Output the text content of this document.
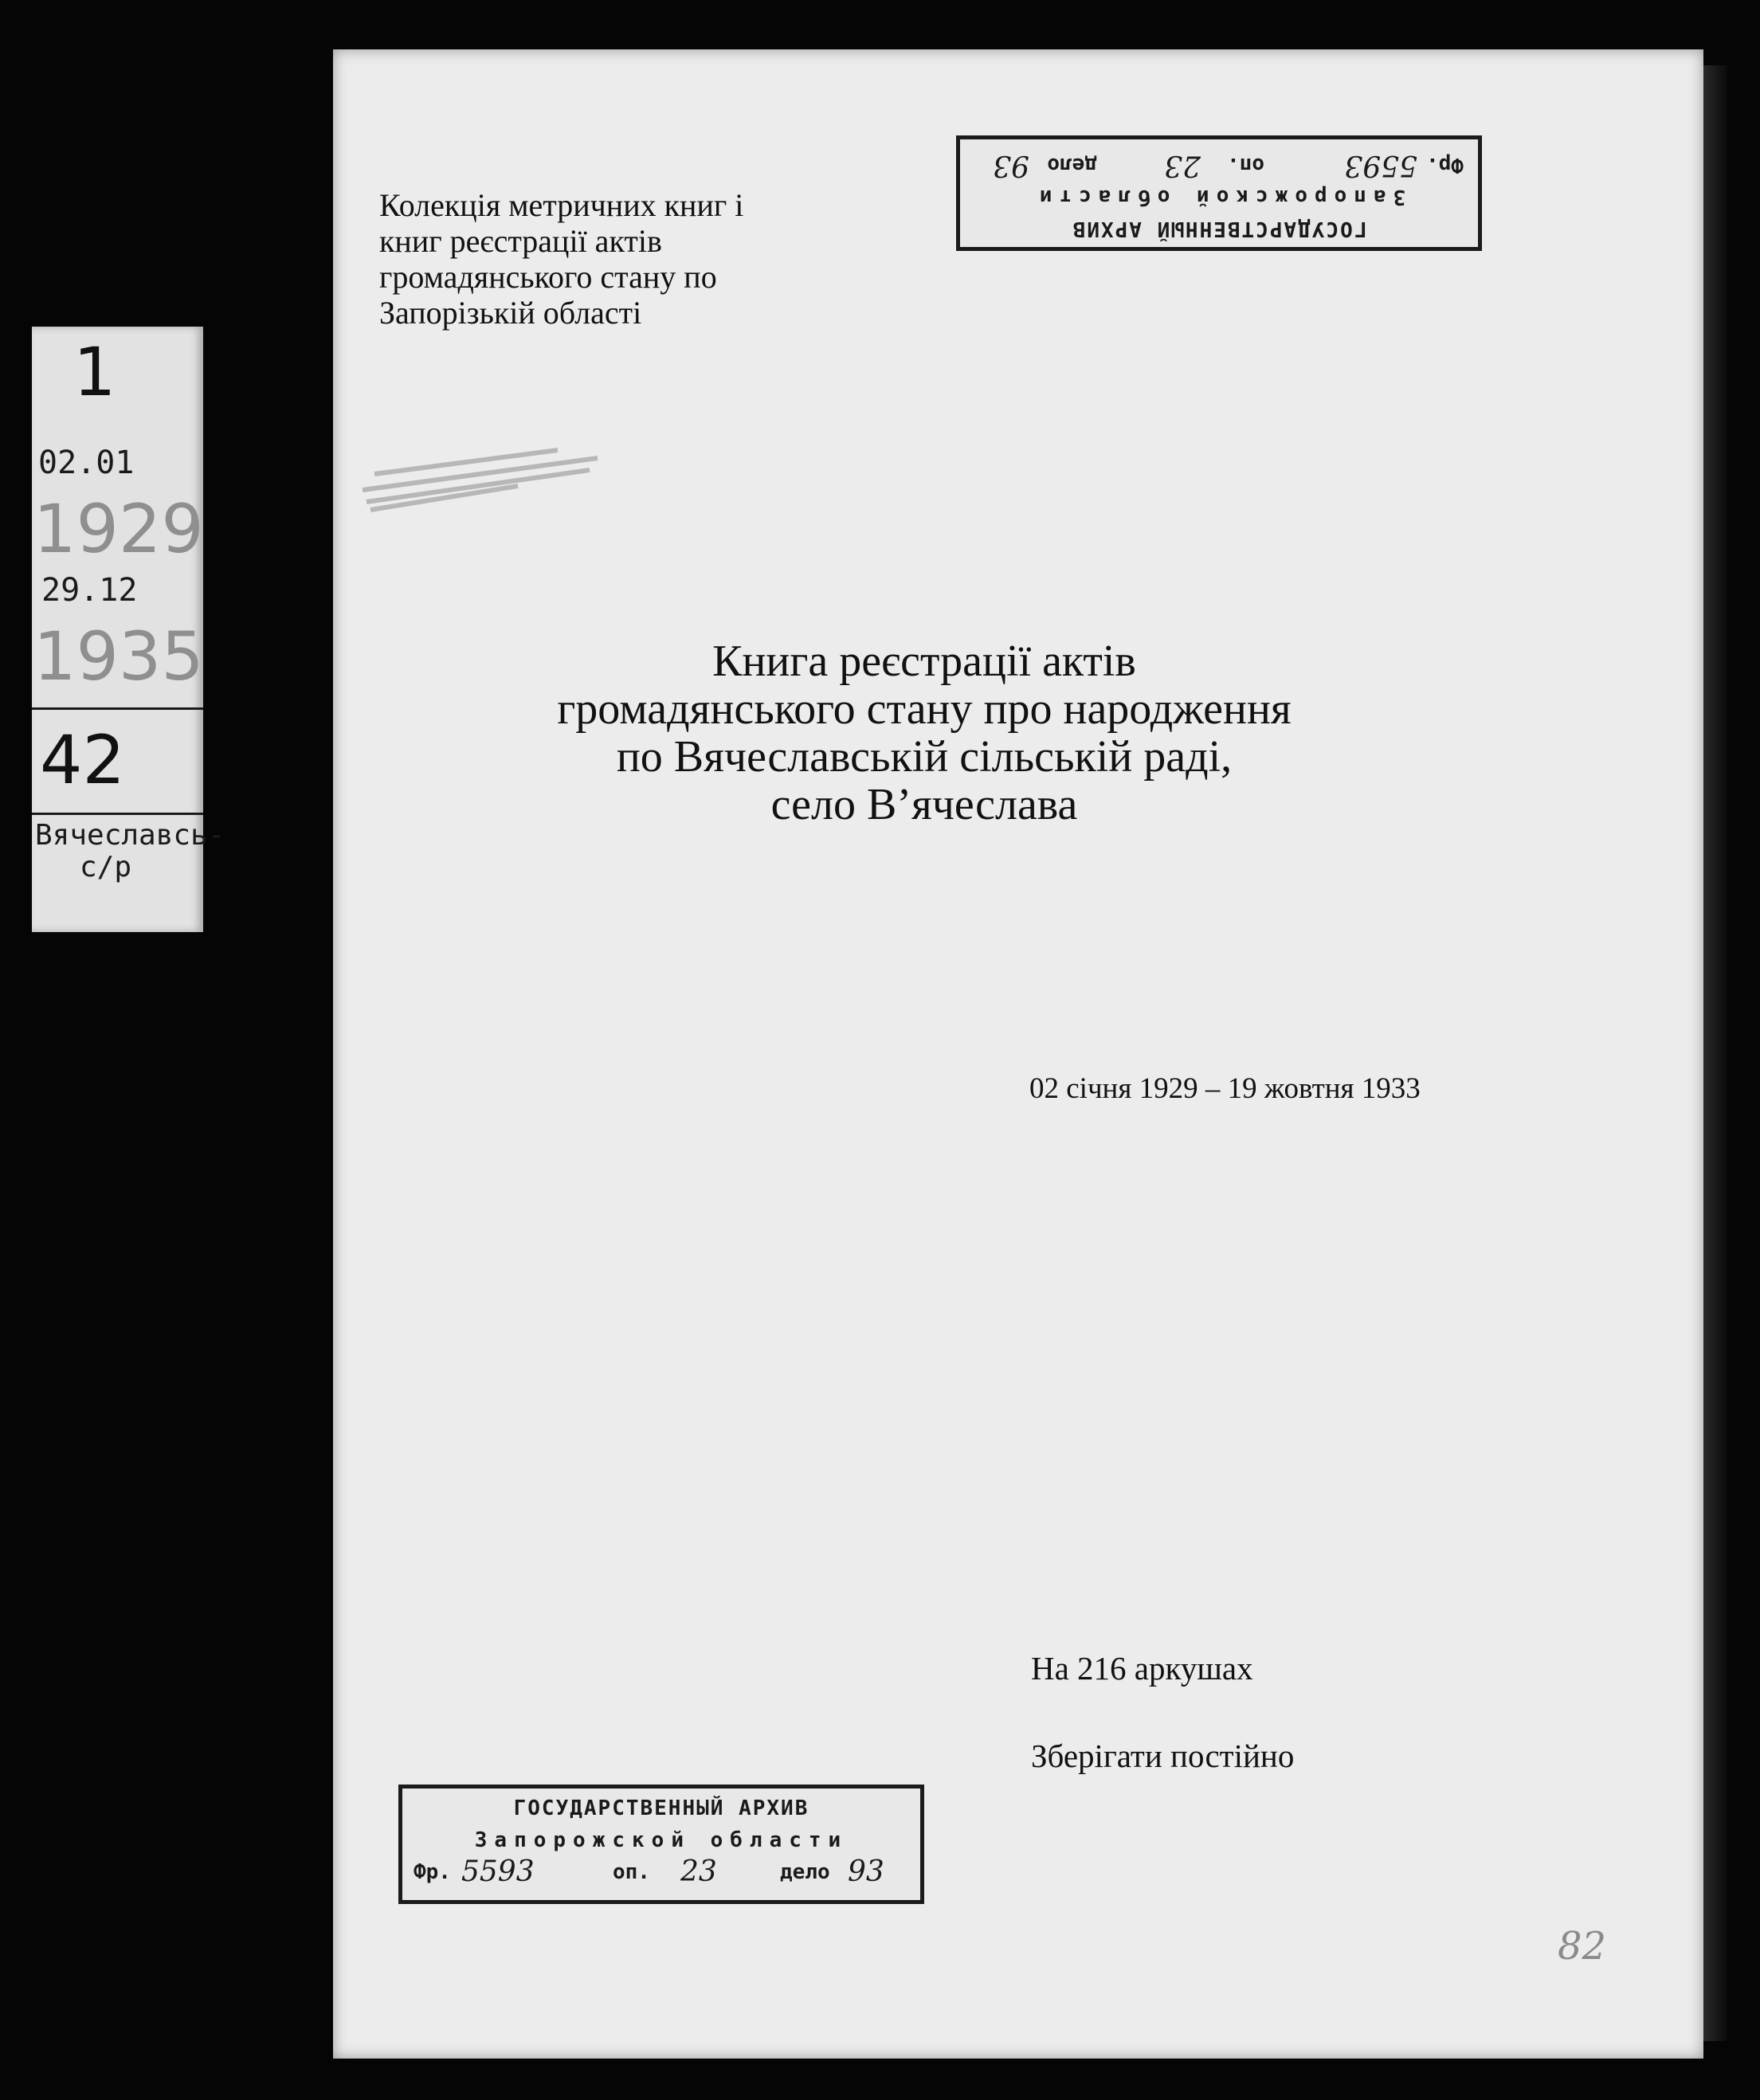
1
02.01
1929
29.12
1935
42
Вячеславсь-
с/р
Колекція метричних книг і
книг реєстрації актів
громадянського стану по
Запорізькій області
ГОСУДАРСТВЕННЫЙ АРХИВ
Запорожской области
Фр.
5593
оп.
23
дело
93
Книга реєстрації актів
громадянського стану про народження
по Вячеславській сільській раді,
село В’ячеслава
02 січня 1929 – 19 жовтня 1933
На 216 аркушах
Зберігати постійно
ГОСУДАРСТВЕННЫЙ АРХИВ
Запорожской области
Фр. 5593	оп. 23	дело 93
82
